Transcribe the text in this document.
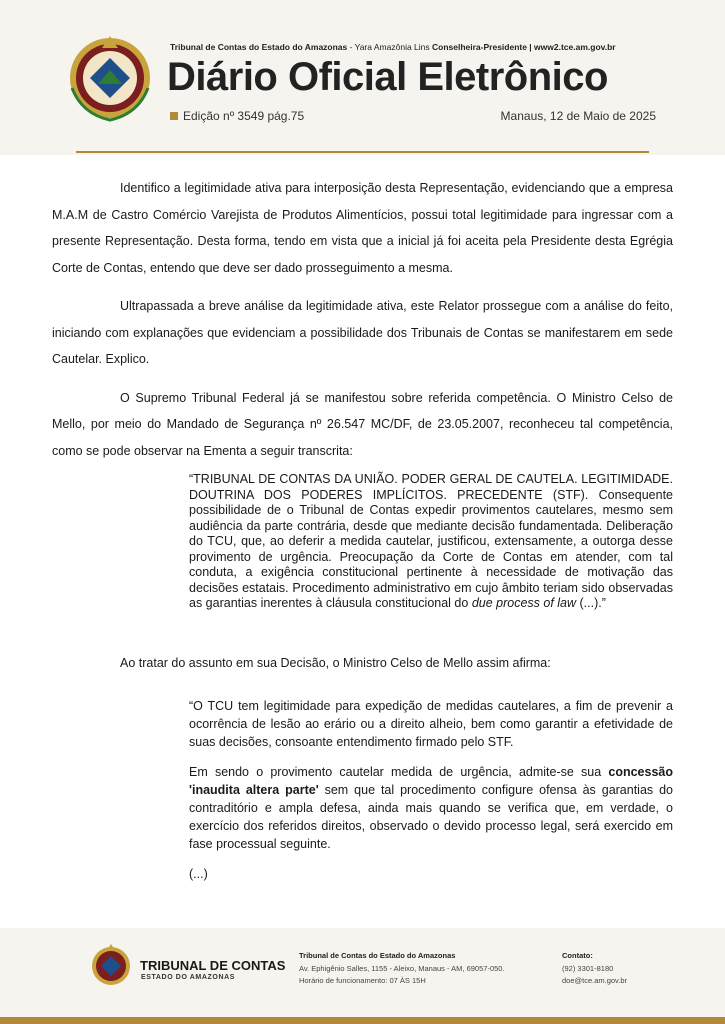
Tribunal de Contas do Estado do Amazonas - Yara Amazônia Lins Conselheira-Presidente | www2.tce.am.gov.br
Diário Oficial Eletrônico
Edição nº 3549 pág.75	Manaus, 12 de Maio de 2025

Identifico a legitimidade ativa para interposição desta Representação, evidenciando que a empresa M.A.M de Castro Comércio Varejista de Produtos Alimentícios, possui total legitimidade para ingressar com a presente Representação. Desta forma, tendo em vista que a inicial já foi aceita pela Presidente desta Egrégia Corte de Contas, entendo que deve ser dado prosseguimento a mesma.

Ultrapassada a breve análise da legitimidade ativa, este Relator prossegue com a análise do feito, iniciando com explanações que evidenciam a possibilidade dos Tribunais de Contas se manifestarem em sede Cautelar. Explico.

O Supremo Tribunal Federal já se manifestou sobre referida competência. O Ministro Celso de Mello, por meio do Mandado de Segurança nº 26.547 MC/DF, de 23.05.2007, reconheceu tal competência, como se pode observar na Ementa a seguir transcrita:

“TRIBUNAL DE CONTAS DA UNIÃO. PODER GERAL DE CAUTELA. LEGITIMIDADE. DOUTRINA DOS PODERES IMPLÍCITOS. PRECEDENTE (STF). Consequente possibilidade de o Tribunal de Contas expedir provimentos cautelares, mesmo sem audiência da parte contrária, desde que mediante decisão fundamentada. Deliberação do TCU, que, ao deferir a medida cautelar, justificou, extensamente, a outorga desse provimento de urgência. Preocupação da Corte de Contas em atender, com tal conduta, a exigência constitucional pertinente à necessidade de motivação das decisões estatais. Procedimento administrativo em cujo âmbito teriam sido observadas as garantias inerentes à cláusula constitucional do due process of law (...).”

Ao tratar do assunto em sua Decisão, o Ministro Celso de Mello assim afirma:

“O TCU tem legitimidade para expedição de medidas cautelares, a fim de prevenir a ocorrência de lesão ao erário ou a direito alheio, bem como garantir a efetividade de suas decisões, consoante entendimento firmado pelo STF.

Em sendo o provimento cautelar medida de urgência, admite-se sua concessão 'inaudita altera parte' sem que tal procedimento configure ofensa às garantias do contraditório e ampla defesa, ainda mais quando se verifica que, em verdade, o exercício dos referidos direitos, observado o devido processo legal, será exercido em fase processual seguinte.

(...)

TRIBUNAL DE CONTAS
ESTADO DO AMAZONAS
Tribunal de Contas do Estado do Amazonas
Av. Ephigênio Salles, 1155 - Aleixo, Manaus - AM, 69057-050.
Horário de funcionamento: 07 ÀS 15H
Contato:
(92) 3301-8180
doe@tce.am.gov.br
